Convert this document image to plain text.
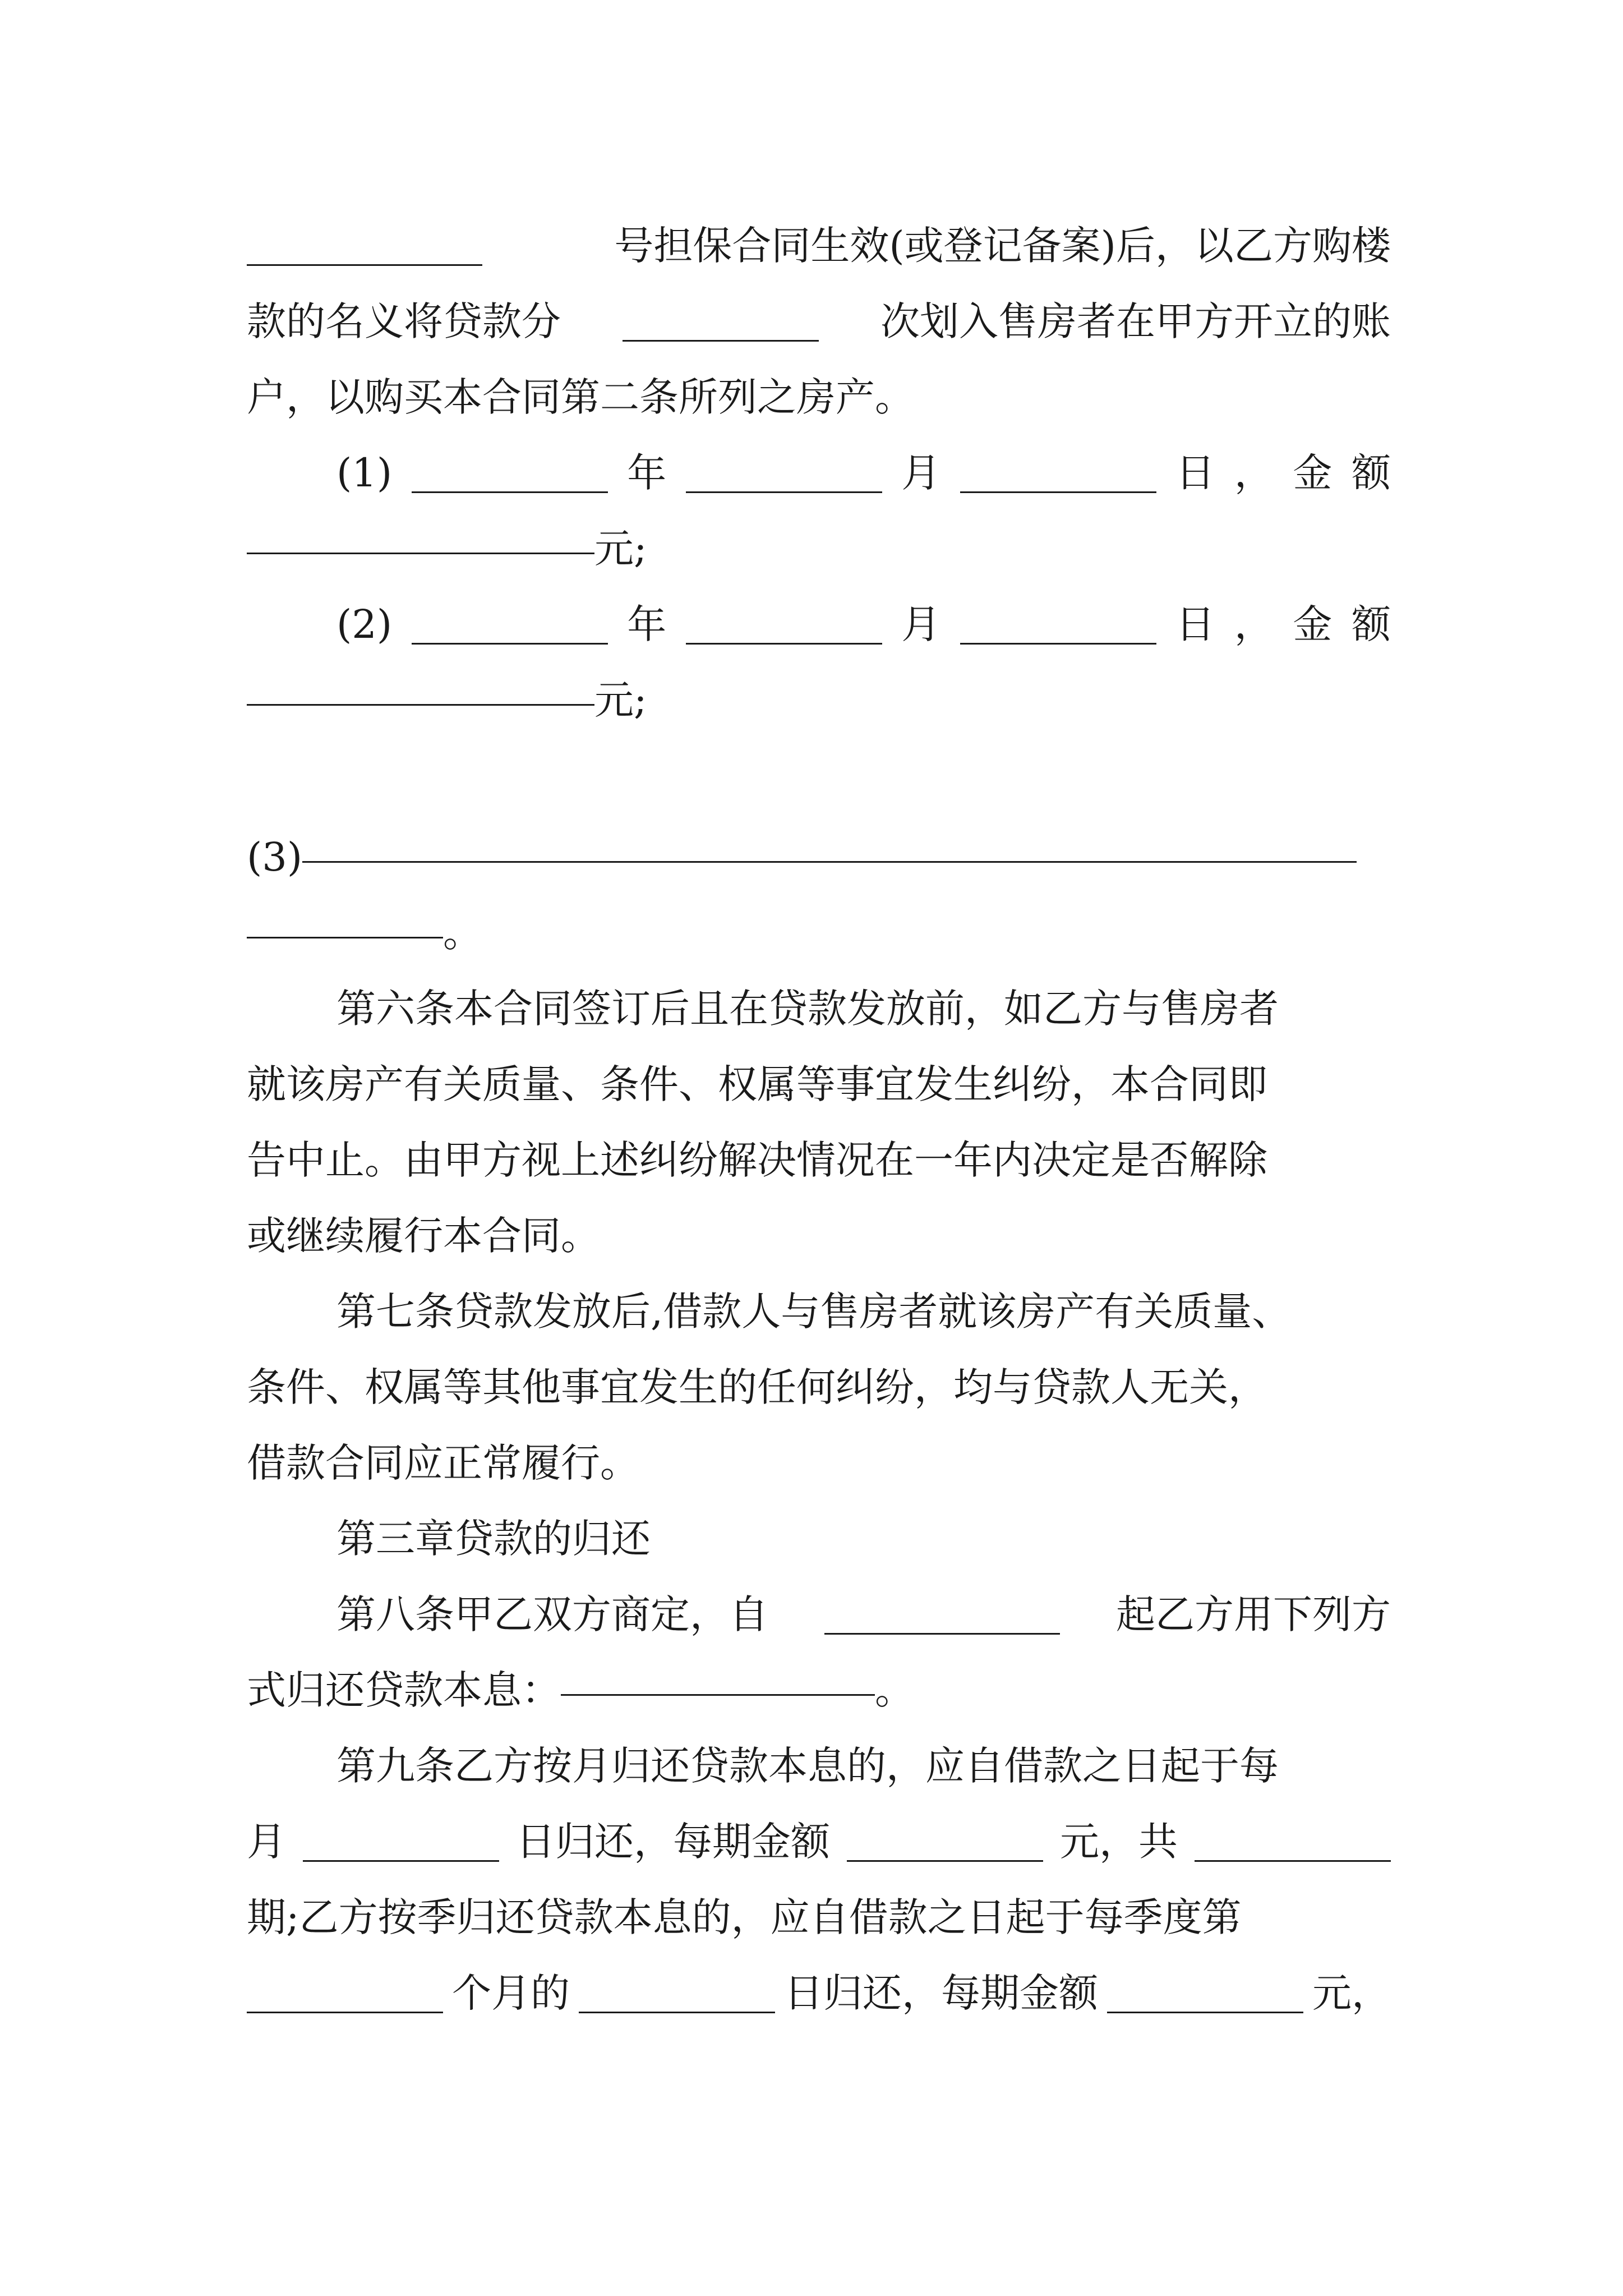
号担保合同生效(或登记备案)后，以乙方购楼
款的名义将贷款分	次划入售房者在甲方开立的账
户，以购买本合同第二条所列之房产。
(1)	年	月	日 ， 金 额
元;
(2)	年	月	日 ， 金 额
元;
(3)
。
第六条本合同签订后且在贷款发放前，如乙方与售房者
就该房产有关质量、条件、权属等事宜发生纠纷，本合同即
告中止。由甲方视上述纠纷解决情况在一年内决定是否解除
或继续履行本合同。
第七条贷款发放后,借款人与售房者就该房产有关质量、
条件、权属等其他事宜发生的任何纠纷，均与贷款人无关，
借款合同应正常履行。
第三章贷款的归还
第八条甲乙双方商定，自	起乙方用下列方
式归还贷款本息：	。
第九条乙方按月归还贷款本息的，应自借款之日起于每
月	日归还，每期金额	元，共
期;乙方按季归还贷款本息的，应自借款之日起于每季度第
个月的	日归还，每期金额	元，
